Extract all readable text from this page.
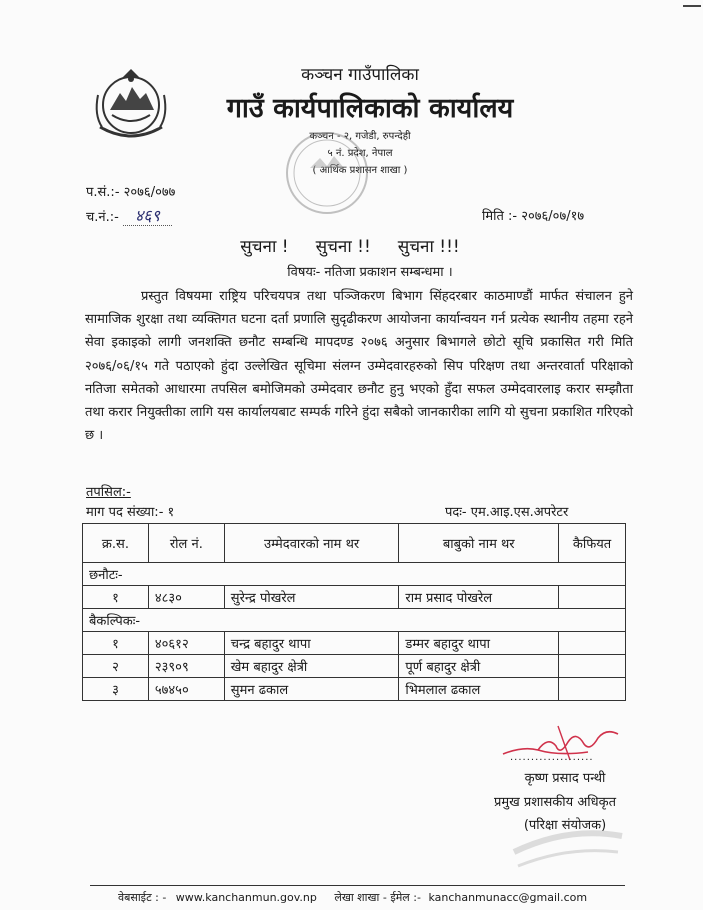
कञ्चन गाउँपालिका
गाउँ कार्यपालिकाको कार्यालय
कञ्चन - २, गजेडी, रुपन्देही
५ नं. प्रदेश, नेपाल
( आर्थिक प्रशासन शाखा )
प.सं.:- २०७६/०७७
च.नं.:- ४६९	मिति :- २०७६/०७/१७
सुचना !     सुचना !!     सुचना !!!
विषयः- नतिजा प्रकाशन सम्बन्धमा ।
प्रस्तुत विषयमा राष्ट्रिय परिचयपत्र तथा पञ्जिकरण बिभाग सिंहदरबार काठमाण्डौं मार्फत संचालन हुने सामाजिक शुरक्षा तथा व्यक्तिगत घटना दर्ता प्रणालि सुदृढीकरण आयोजना कार्यान्वयन गर्न प्रत्येक स्थानीय तहमा रहने सेवा इकाइको लागी जनशक्ति छनौट सम्बन्धि मापदण्ड २०७६ अनुसार बिभागले छोटो सूचि प्रकासित गरी मिति २०७६/०६/१५ गते पठाएको हुंदा उल्लेखित सूचिमा संलग्न उम्मेदवारहरुको सिप परिक्षण तथा अन्तरवार्ता परिक्षाको नतिजा समेतको आधारमा तपसिल बमोजिमको उम्मेदवार छनौट हुनु भएको हुँदा सफल उम्मेदवारलाइ करार सम्झौता तथा करार नियुक्तीका लागि यस कार्यालयबाट सम्पर्क गरिने हुंदा सबैको जानकारीका लागि यो सुचना प्रकाशित गरिएको छ ।
तपसिल:-
माग पद संख्या:- १	पदः- एम.आइ.एस.अपरेटर
क्र.स.	रोल नं.	उम्मेदवारको नाम थर	बाबुको नाम थर	कैफियत
छनौटः-				
१	४८३०	सुरेन्द्र पोखरेल	राम प्रसाद पोखरेल	
बैकल्पिकः-				
१	४०६१२	चन्द्र बहादुर थापा	डम्मर बहादुर थापा	
२	२३९०९	खेम बहादुर क्षेत्री	पूर्ण बहादुर क्षेत्री	
३	५७४५०	सुमन ढकाल	भिमलाल ढकाल	
....................
कृष्ण प्रसाद पन्थी
प्रमुख प्रशासकीय अधिकृत
(परिक्षा संयोजक)
वेबसाईट : - www.kanchanmun.gov.np लेखा शाखा - ईमेल :- kanchanmunacc@gmail.com
